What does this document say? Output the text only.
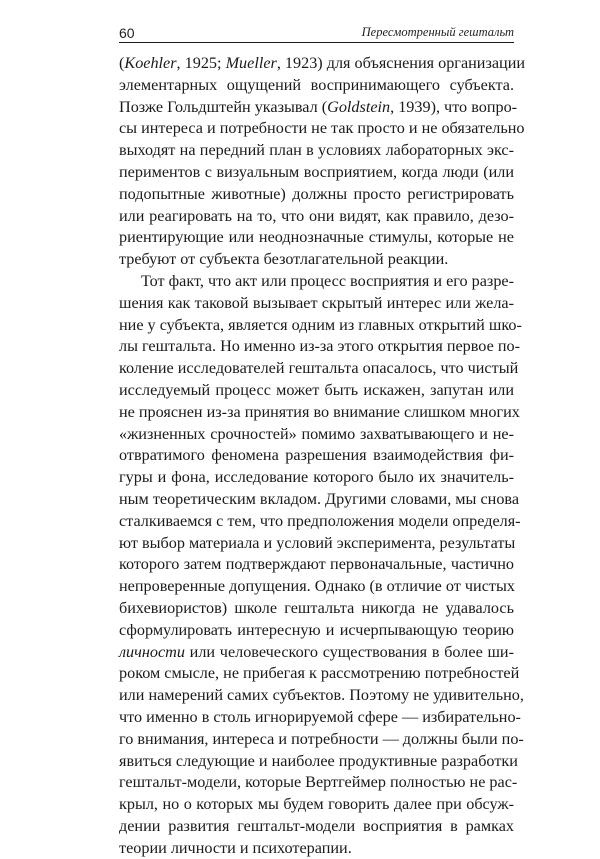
60	Пересмотренный гештальт
(Koehler, 1925; Mueller, 1923) для объяснения организации
элементарных ощущений воспринимающего субъекта.
Позже Гольдштейн указывал (Goldstein, 1939), что вопро-
сы интереса и потребности не так просто и не обязательно
выходят на передний план в условиях лабораторных экс-
периментов с визуальным восприятием, когда люди (или
подопытные животные) должны просто регистрировать
или реагировать на то, что они видят, как правило, дезо-
риентирующие или неоднозначные стимулы, которые не
требуют от субъекта безотлагательной реакции.
Тот факт, что акт или процесс восприятия и его разре-
шения как таковой вызывает скрытый интерес или жела-
ние у субъекта, является одним из главных открытий шко-
лы гештальта. Но именно из-за этого открытия первое по-
коление исследователей гештальта опасалось, что чистый
исследуемый процесс может быть искажен, запутан или
не прояснен из-за принятия во внимание слишком многих
«жизненных срочностей» помимо захватывающего и не-
отвратимого феномена разрешения взаимодействия фи-
гуры и фона, исследование которого было их значитель-
ным теоретическим вкладом. Другими словами, мы снова
сталкиваемся с тем, что предположения модели определя-
ют выбор материала и условий эксперимента, результаты
которого затем подтверждают первоначальные, частично
непроверенные допущения. Однако (в отличие от чистых
бихевиористов) школе гештальта никогда не удавалось
сформулировать интересную и исчерпывающую теорию
личности или человеческого существования в более ши-
роком смысле, не прибегая к рассмотрению потребностей
или намерений самих субъектов. Поэтому не удивительно,
что именно в столь игнорируемой сфере — избирательно-
го внимания, интереса и потребности — должны были по-
явиться следующие и наиболее продуктивные разработки
гештальт-модели, которые Вертгеймер полностью не рас-
крыл, но о которых мы будем говорить далее при обсуж-
дении развития гештальт-модели восприятия в рамках
теории личности и психотерапии.
